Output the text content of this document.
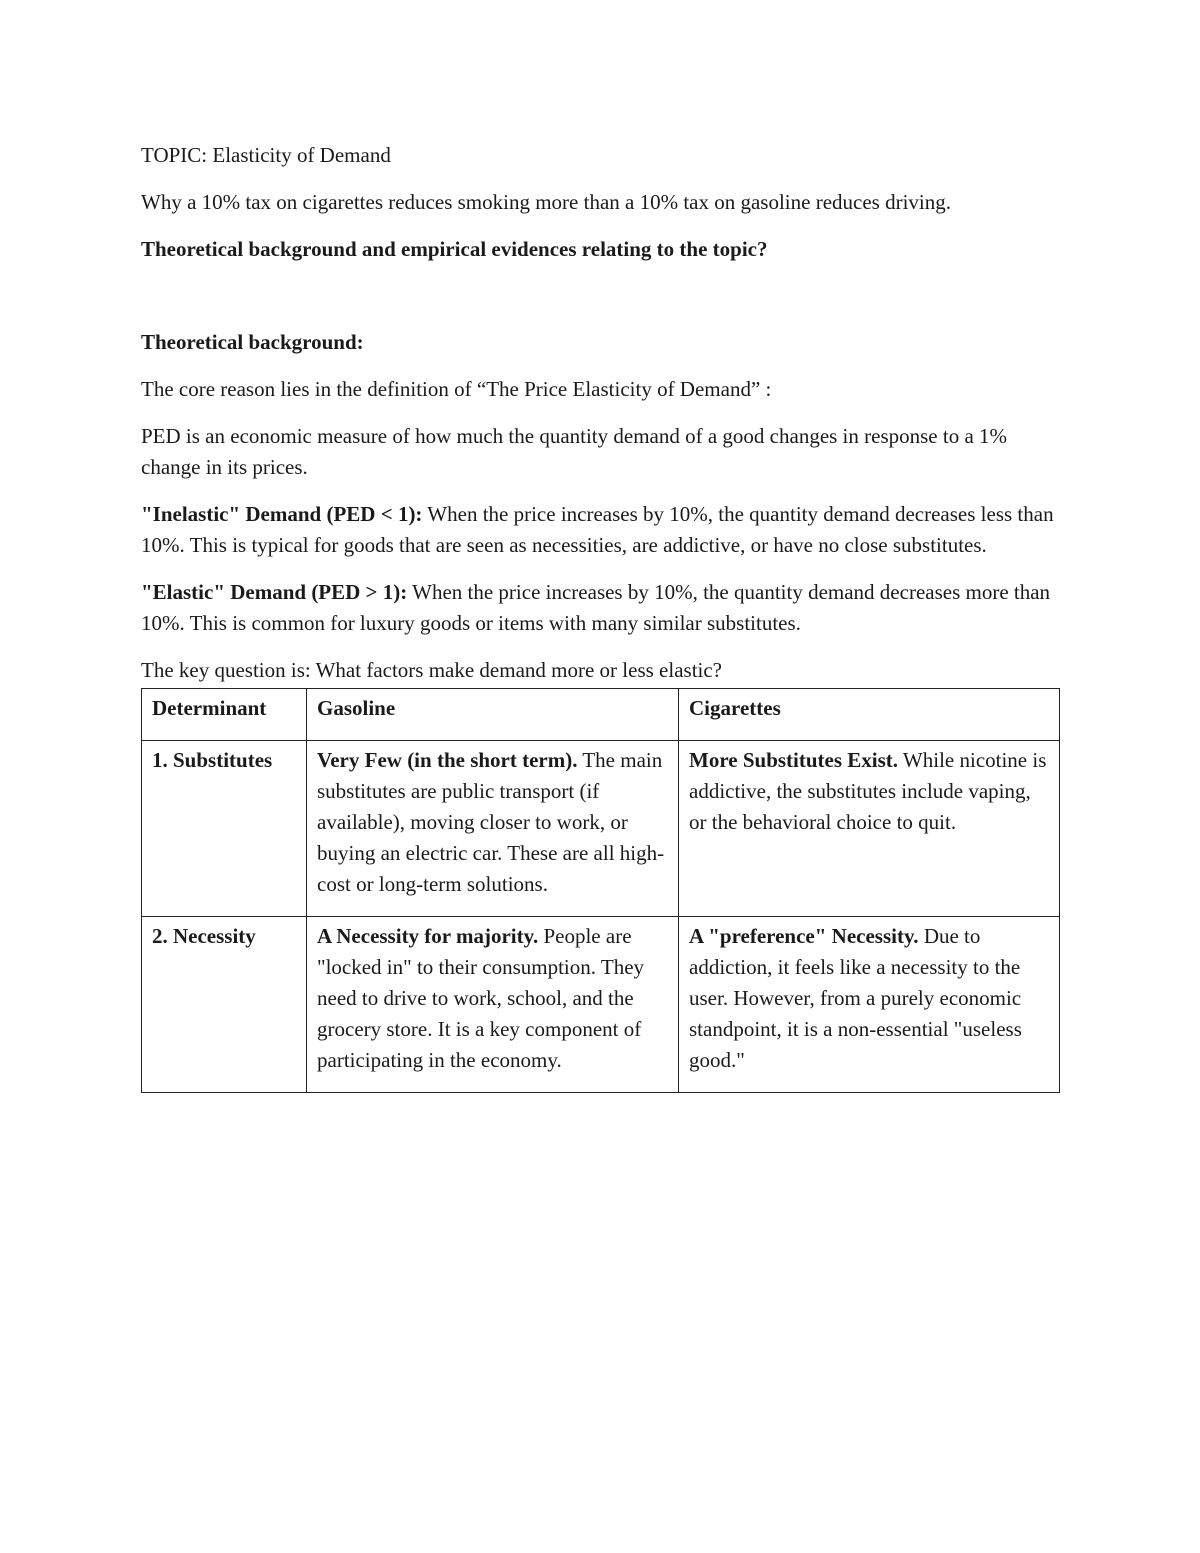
TOPIC: Elasticity of Demand

Why a 10% tax on cigarettes reduces smoking more than a 10% tax on gasoline reduces driving.

Theoretical background and empirical evidences relating to the topic?

Theoretical background:

The core reason lies in the definition of “The Price Elasticity of Demand” :

PED is an economic measure of how much the quantity demand of a good changes in response to a 1% change in its prices.

"Inelastic" Demand (PED < 1): When the price increases by 10%, the quantity demand decreases less than 10%. This is typical for goods that are seen as necessities, are addictive, or have no close substitutes.

"Elastic" Demand (PED > 1): When the price increases by 10%, the quantity demand decreases more than 10%. This is common for luxury goods or items with many similar substitutes.

The key question is: What factors make demand more or less elastic?

Determinant	Gasoline	Cigarettes
1. Substitutes	Very Few (in the short term). The main substitutes are public transport (if available), moving closer to work, or buying an electric car. These are all high-cost or long-term solutions.	More Substitutes Exist. While nicotine is addictive, the substitutes include vaping, or the behavioral choice to quit.
2. Necessity	A Necessity for majority. People are "locked in" to their consumption. They need to drive to work, school, and the grocery store. It is a key component of participating in the economy.	A "preference" Necessity. Due to addiction, it feels like a necessity to the user. However, from a purely economic standpoint, it is a non-essential "useless good."
